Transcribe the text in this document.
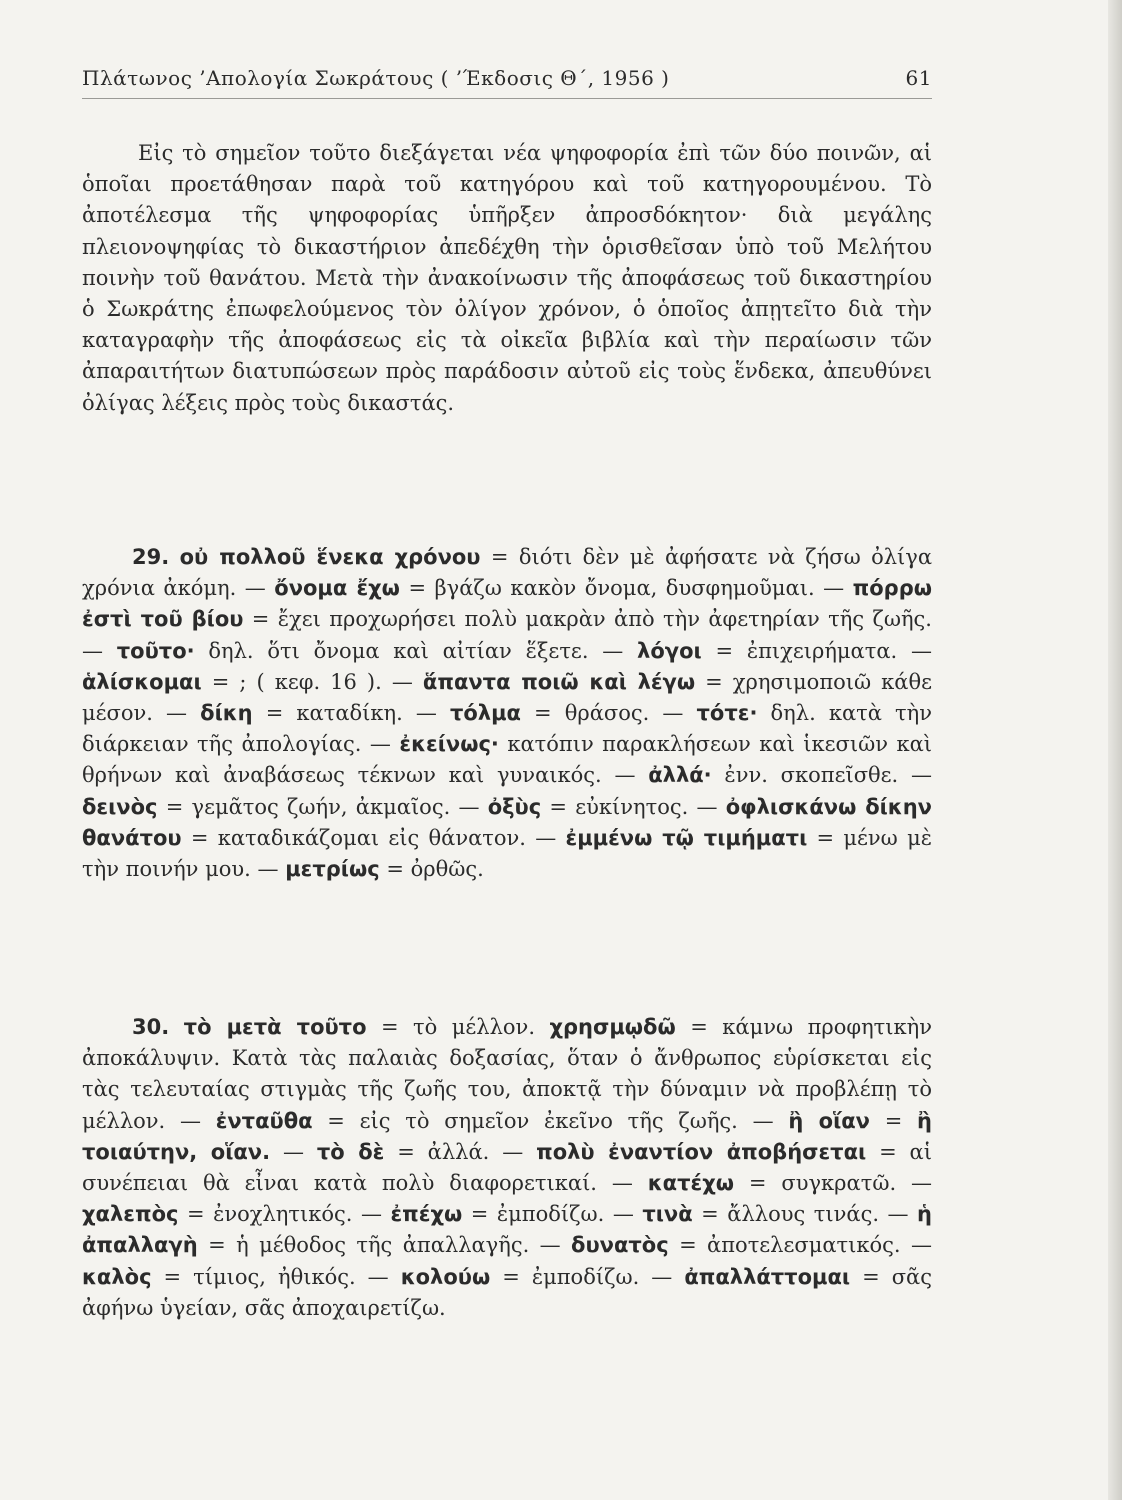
Πλάτωνος ’Απολογία Σωκράτους ( ’Έκδοσις Θ΄, 1956 )	61
Εἰς τὸ σημεῖον τοῦτο διεξάγεται νέα ψηφοφορία ἐπὶ τῶν δύο ποινῶν, αἱ ὁποῖαι προετάθησαν παρὰ τοῦ κατηγόρου καὶ τοῦ κατηγορουμένου. Τὸ ἀποτέλεσμα τῆς ψηφοφορίας ὑπῆρξεν ἀπροσδόκητον· διὰ μεγάλης πλειονοψηφίας τὸ δικαστήριον ἀπεδέχθη τὴν ὁρισθεῖσαν ὑπὸ τοῦ Μελήτου ποινὴν τοῦ θανάτου. Μετὰ τὴν ἀνακοίνωσιν τῆς ἀποφάσεως τοῦ δικαστηρίου ὁ Σωκράτης ἐπωφελούμενος τὸν ὀλίγον χρόνον, ὁ ὁποῖος ἀπῃτεῖτο διὰ τὴν καταγραφὴν τῆς ἀποφάσεως εἰς τὰ οἰκεῖα βιβλία καὶ τὴν περαίωσιν τῶν ἀπαραιτήτων διατυπώσεων πρὸς παράδοσιν αὐτοῦ εἰς τοὺς ἕνδεκα, ἀπευθύνει ὀλίγας λέξεις πρὸς τοὺς δικαστάς.
29. οὐ πολλοῦ ἕνεκα χρόνου = διότι δὲν μὲ ἀφήσατε νὰ ζήσω ὀλίγα χρόνια ἀκόμη. — ὄνομα ἔχω = βγάζω κακὸν ὄνομα, δυσφημοῦμαι. — πόρρω ἐστὶ τοῦ βίου = ἔχει προχωρήσει πολὺ μακρὰν ἀπὸ τὴν ἀφετηρίαν τῆς ζωῆς. — τοῦτο· δηλ. ὅτι ὄνομα καὶ αἰτίαν ἕξετε. — λόγοι = ἐπιχειρήματα. — ἁλίσκομαι = ; ( κεφ. 16 ). — ἅπαντα ποιῶ καὶ λέγω = χρησιμοποιῶ κάθε μέσον. — δίκη = καταδίκη. — τόλμα = θράσος. — τότε· δηλ. κατὰ τὴν διάρκειαν τῆς ἀπολογίας. — ἐκείνως· κατόπιν παρακλήσεων καὶ ἱκεσιῶν καὶ θρήνων καὶ ἀναβάσεως τέκνων καὶ γυναικός. — ἀλλά· ἐνν. σκοπεῖσθε. — δεινὸς = γεμᾶτος ζωήν, ἀκμαῖος. — ὀξὺς = εὐκίνητος. — ὀφλισκάνω δίκην θανάτου = καταδικάζομαι εἰς θάνατον. — ἐμμένω τῷ τιμήματι = μένω μὲ τὴν ποινήν μου. — μετρίως = ὀρθῶς.
30. τὸ μετὰ τοῦτο = τὸ μέλλον. χρησμῳδῶ = κάμνω προφητικὴν ἀποκάλυψιν. Κατὰ τὰς παλαιὰς δοξασίας, ὅταν ὁ ἄνθρωπος εὑρίσκεται εἰς τὰς τελευταίας στιγμὰς τῆς ζωῆς του, ἀποκτᾷ τὴν δύναμιν νὰ προβλέπῃ τὸ μέλλον. — ἐνταῦθα = εἰς τὸ σημεῖον ἐκεῖνο τῆς ζωῆς. — ἢ οἵαν = ἢ τοιαύτην, οἵαν. — τὸ δὲ = ἀλλά. — πολὺ ἐναντίον ἀποβήσεται = αἱ συνέπειαι θὰ εἶναι κατὰ πολὺ διαφορετικαί. — κατέχω = συγκρατῶ. — χαλεπὸς = ἐνοχλητικός. — ἐπέχω = ἐμποδίζω. — τινὰ = ἄλλους τινάς. — ἡ ἀπαλλαγὴ = ἡ μέθοδος τῆς ἀπαλλαγῆς. — δυνατὸς = ἀποτελεσματικός. — καλὸς = τίμιος, ἠθικός. — κολούω = ἐμποδίζω. — ἀπαλλάττομαι = σᾶς ἀφήνω ὑγείαν, σᾶς ἀποχαιρετίζω.
